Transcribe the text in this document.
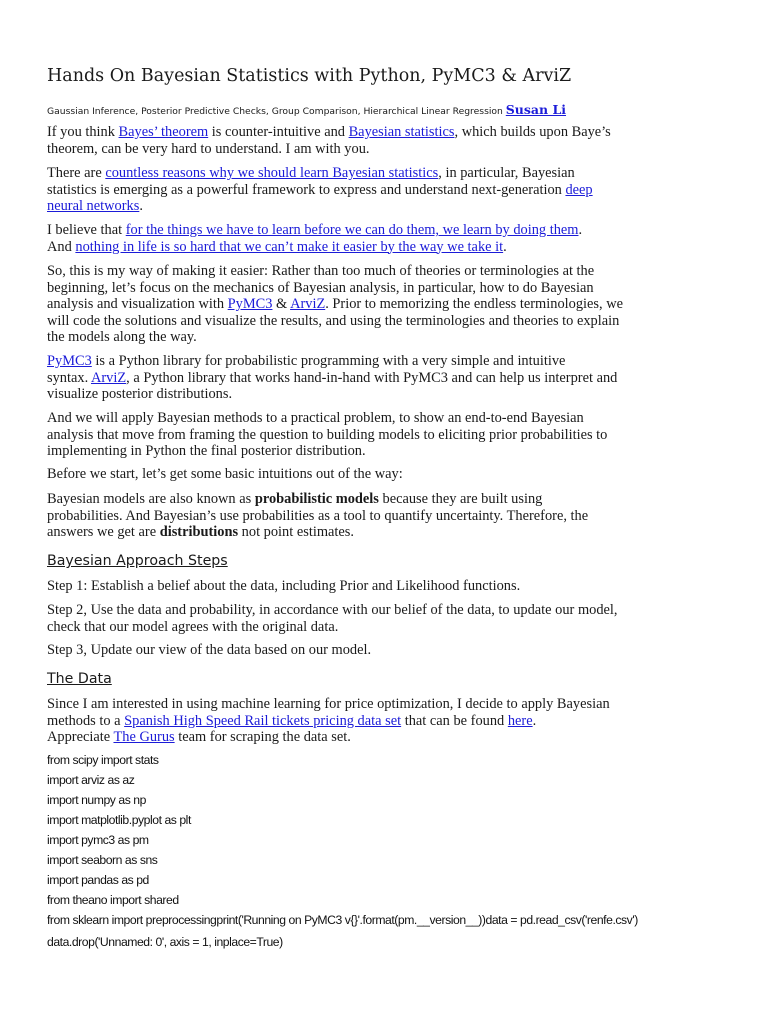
Hands On Bayesian Statistics with Python, PyMC3 & ArviZ
Gaussian Inference, Posterior Predictive Checks, Group Comparison, Hierarchical Linear Regression Susan Li
If you think Bayes’ theorem is counter-intuitive and Bayesian statistics, which builds upon Baye’s
theorem, can be very hard to understand. I am with you.
There are countless reasons why we should learn Bayesian statistics, in particular, Bayesian
statistics is emerging as a powerful framework to express and understand next-generation deep
neural networks.
I believe that for the things we have to learn before we can do them, we learn by doing them.
And nothing in life is so hard that we can’t make it easier by the way we take it.
So, this is my way of making it easier: Rather than too much of theories or terminologies at the
beginning, let’s focus on the mechanics of Bayesian analysis, in particular, how to do Bayesian
analysis and visualization with PyMC3 & ArviZ. Prior to memorizing the endless terminologies, we
will code the solutions and visualize the results, and using the terminologies and theories to explain
the models along the way.
PyMC3 is a Python library for probabilistic programming with a very simple and intuitive
syntax. ArviZ, a Python library that works hand-in-hand with PyMC3 and can help us interpret and
visualize posterior distributions.
And we will apply Bayesian methods to a practical problem, to show an end-to-end Bayesian
analysis that move from framing the question to building models to eliciting prior probabilities to
implementing in Python the final posterior distribution.
Before we start, let’s get some basic intuitions out of the way:
Bayesian models are also known as probabilistic models because they are built using
probabilities. And Bayesian’s use probabilities as a tool to quantify uncertainty. Therefore, the
answers we get are distributions not point estimates.
Bayesian Approach Steps
Step 1: Establish a belief about the data, including Prior and Likelihood functions.
Step 2, Use the data and probability, in accordance with our belief of the data, to update our model,
check that our model agrees with the original data.
Step 3, Update our view of the data based on our model.
The Data
Since I am interested in using machine learning for price optimization, I decide to apply Bayesian
methods to a Spanish High Speed Rail tickets pricing data set that can be found here.
Appreciate The Gurus team for scraping the data set.
from scipy import stats
import arviz as az
import numpy as np
import matplotlib.pyplot as plt
import pymc3 as pm
import seaborn as sns
import pandas as pd
from theano import shared
from sklearn import preprocessingprint('Running on PyMC3 v{}'.format(pm.__version__))data = pd.read_csv('renfe.csv')
data.drop('Unnamed: 0', axis = 1, inplace=True)
